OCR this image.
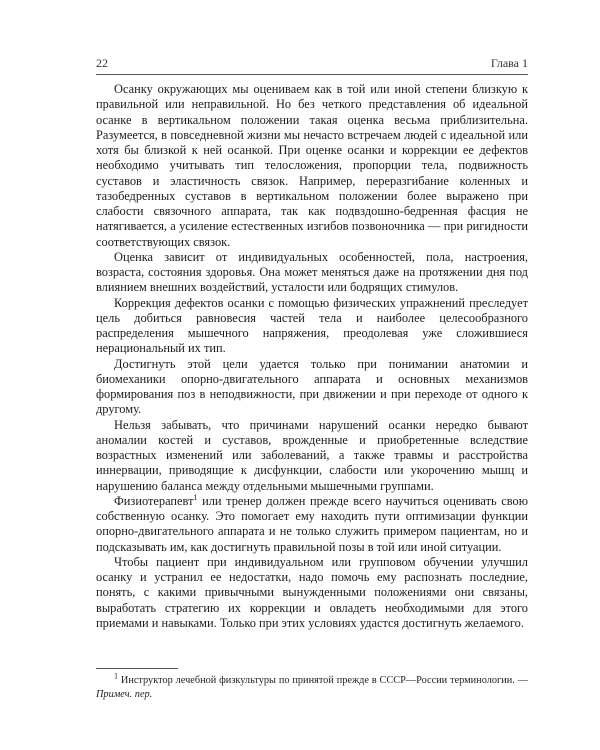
22	Глава 1

Осанку окружающих мы оцениваем как в той или иной степени близкую к правильной или неправильной. Но без четкого представления об идеальной осанке в вертикальном положении такая оценка весьма приблизительна. Разумеется, в повседневной жизни мы нечасто встречаем людей с идеальной или хотя бы близкой к ней осанкой. При оценке осанки и коррекции ее дефектов необходимо учитывать тип телосложения, пропорции тела, подвижность суставов и эластичность связок. Например, переразгибание коленных и тазобедренных суставов в вертикальном положении более выражено при слабости связочного аппарата, так как подвздошно-бедренная фасция не натягивается, а усиление естественных изгибов позвоночника — при ригидности соответствующих связок.

Оценка зависит от индивидуальных особенностей, пола, настроения, возраста, состояния здоровья. Она может меняться даже на протяжении дня под влиянием внешних воздействий, усталости или бодрящих стимулов.

Коррекция дефектов осанки с помощью физических упражнений преследует цель добиться равновесия частей тела и наиболее целесообразного распределения мышечного напряжения, преодолевая уже сложившиеся нерациональный их тип.

Достигнуть этой цели удается только при понимании анатомии и биомеханики опорно-двигательного аппарата и основных механизмов формирования поз в неподвижности, при движении и при переходе от одного к другому.

Нельзя забывать, что причинами нарушений осанки нередко бывают аномалии костей и суставов, врожденные и приобретенные вследствие возрастных изменений или заболеваний, а также травмы и расстройства иннервации, приводящие к дисфункции, слабости или укорочению мышц и нарушению баланса между отдельными мышечными группами.

Физиотерапевт$^1$ или тренер должен прежде всего научиться оценивать свою собственную осанку. Это помогает ему находить пути оптимизации функции опорно-двигательного аппарата и не только служить примером пациентам, но и подсказывать им, как достигнуть правильной позы в той или иной ситуации.

Чтобы пациент при индивидуальном или групповом обучении улучшил осанку и устранил ее недостатки, надо помочь ему распознать последние, понять, с какими привычными вынужденными положениями они связаны, выработать стратегию их коррекции и овладеть необходимыми для этого приемами и навыками. Только при этих условиях удастся достигнуть желаемого.

$^1$ Инструктор лечебной физкультуры по принятой прежде в СССР—России терминологии. — Примеч. пер.
